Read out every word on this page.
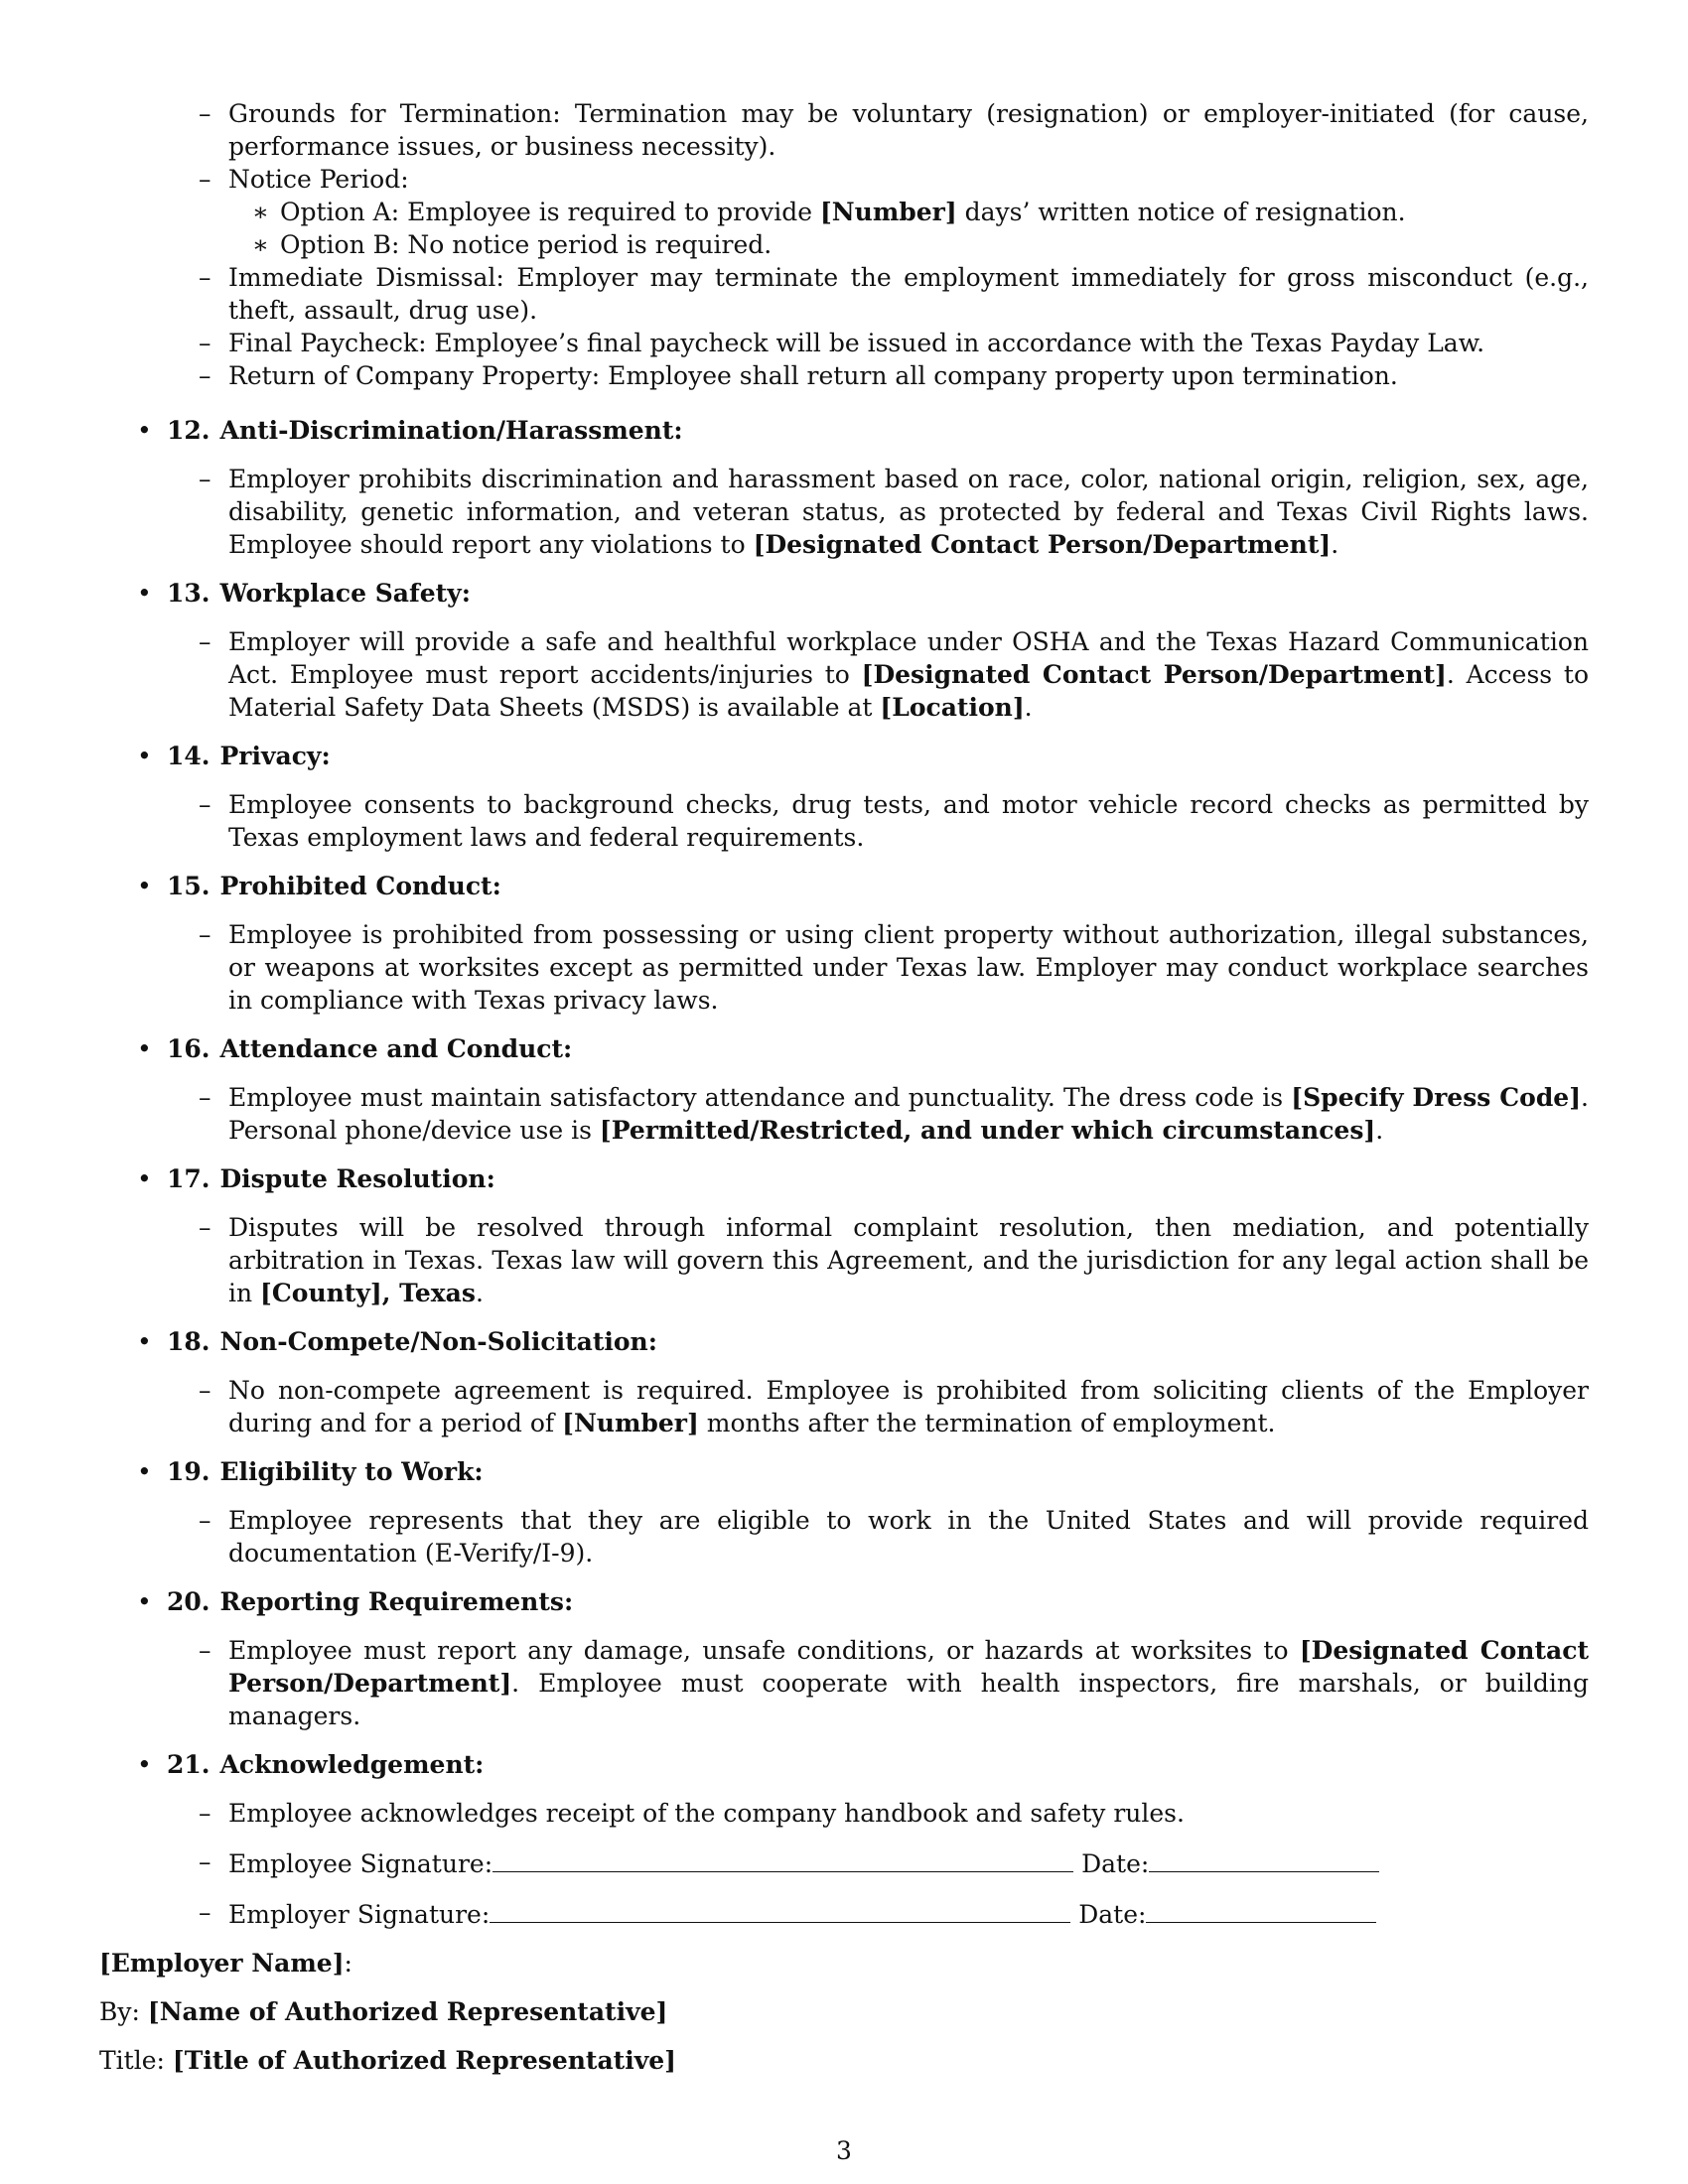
– Grounds for Termination: Termination may be voluntary (resignation) or employer-initiated (for cause, performance issues, or business necessity).
– Notice Period:
∗ Option A: Employee is required to provide [Number] days’ written notice of resignation.
∗ Option B: No notice period is required.
– Immediate Dismissal: Employer may terminate the employment immediately for gross misconduct (e.g., theft, assault, drug use).
– Final Paycheck: Employee’s final paycheck will be issued in accordance with the Texas Payday Law.
– Return of Company Property: Employee shall return all company property upon termination.
• 12. Anti-Discrimination/Harassment:
– Employer prohibits discrimination and harassment based on race, color, national origin, religion, sex, age, disability, genetic information, and veteran status, as protected by federal and Texas Civil Rights laws. Employee should report any violations to [Designated Contact Person/Department].
• 13. Workplace Safety:
– Employer will provide a safe and healthful workplace under OSHA and the Texas Hazard Communication Act. Employee must report accidents/injuries to [Designated Contact Person/Department]. Access to Material Safety Data Sheets (MSDS) is available at [Location].
• 14. Privacy:
– Employee consents to background checks, drug tests, and motor vehicle record checks as permitted by Texas employment laws and federal requirements.
• 15. Prohibited Conduct:
– Employee is prohibited from possessing or using client property without authorization, illegal substances, or weapons at worksites except as permitted under Texas law. Employer may conduct workplace searches in compliance with Texas privacy laws.
• 16. Attendance and Conduct:
– Employee must maintain satisfactory attendance and punctuality. The dress code is [Specify Dress Code]. Personal phone/device use is [Permitted/Restricted, and under which circumstances].
• 17. Dispute Resolution:
– Disputes will be resolved through informal complaint resolution, then mediation, and potentially arbitration in Texas. Texas law will govern this Agreement, and the jurisdiction for any legal action shall be in [County], Texas.
• 18. Non-Compete/Non-Solicitation:
– No non-compete agreement is required. Employee is prohibited from soliciting clients of the Employer during and for a period of [Number] months after the termination of employment.
• 19. Eligibility to Work:
– Employee represents that they are eligible to work in the United States and will provide required documentation (E-Verify/I-9).
• 20. Reporting Requirements:
– Employee must report any damage, unsafe conditions, or hazards at worksites to [Designated Contact Person/Department]. Employee must cooperate with health inspectors, fire marshals, or building managers.
• 21. Acknowledgement:
– Employee acknowledges receipt of the company handbook and safety rules.
– Employee Signature:	Date:
– Employer Signature:	Date:
[Employer Name]:
By: [Name of Authorized Representative]
Title: [Title of Authorized Representative]
3
